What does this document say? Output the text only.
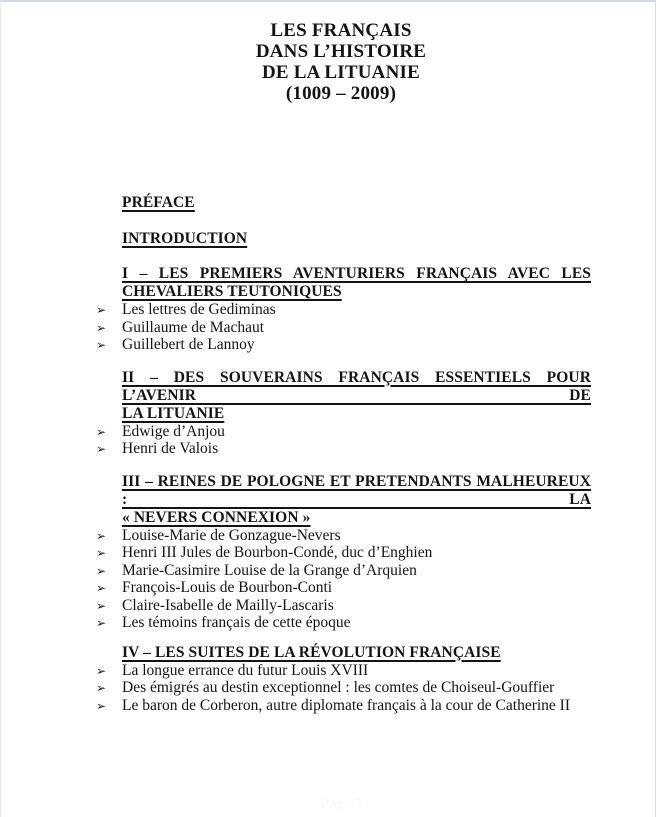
LES FRANÇAIS
DANS L’HISTOIRE
DE LA LITUANIE
(1009 – 2009)
PRÉFACE
INTRODUCTION
I – LES PREMIERS AVENTURIERS FRANÇAIS AVEC LES
CHEVALIERS TEUTONIQUES
➢ Les lettres de Gediminas
➢ Guillaume de Machaut
➢ Guillebert de Lannoy
II – DES SOUVERAINS FRANÇAIS ESSENTIELS POUR L’AVENIR DE
LA LITUANIE
➢ Edwige d’Anjou
➢ Henri de Valois
III – REINES DE POLOGNE ET PRETENDANTS MALHEUREUX : LA
« NEVERS CONNEXION »
➢ Louise-Marie de Gonzague-Nevers
➢ Henri III Jules de Bourbon-Condé, duc d’Enghien
➢ Marie-Casimire Louise de la Grange d’Arquien
➢ François-Louis de Bourbon-Conti
➢ Claire-Isabelle de Mailly-Lascaris
➢ Les témoins français de cette époque
IV – LES SUITES DE LA RÉVOLUTION FRANÇAISE
➢ La longue errance du futur Louis XVIII
➢ Des émigrés au destin exceptionnel : les comtes de Choiseul-Gouffier
➢ Le baron de Corberon, autre diplomate français à la cour de Catherine II
Page 3
